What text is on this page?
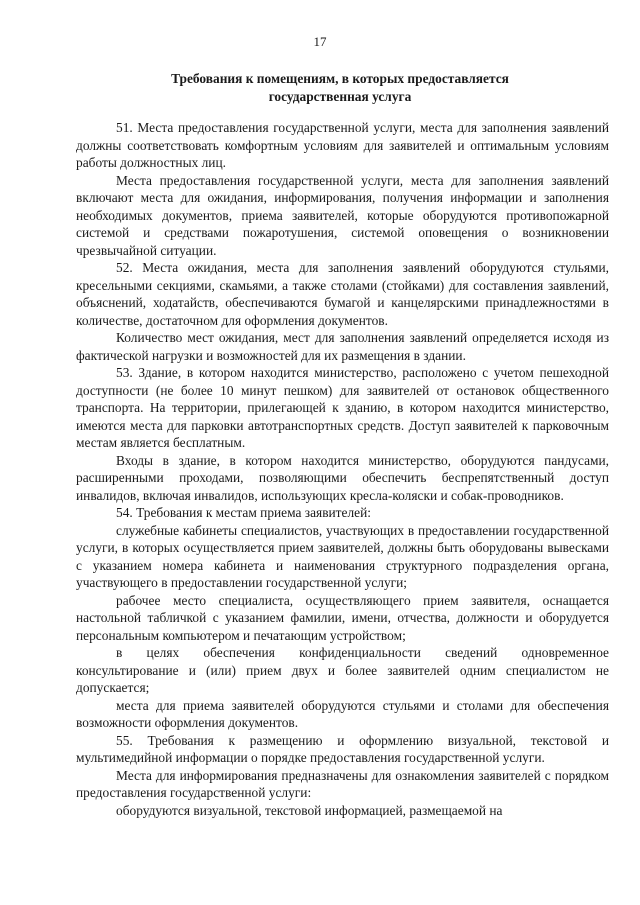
17
Требования к помещениям, в которых предоставляется
государственная услуга

51. Места предоставления государственной услуги, места для заполнения заявлений должны соответствовать комфортным условиям для заявителей и оптимальным условиям работы должностных лиц.

Места предоставления государственной услуги, места для заполнения заявлений включают места для ожидания, информирования, получения информации и заполнения необходимых документов, приема заявителей, которые оборудуются противопожарной системой и средствами пожаротушения, системой оповещения о возникновении чрезвычайной ситуации.

52. Места ожидания, места для заполнения заявлений оборудуются стульями, кресельными секциями, скамьями, а также столами (стойками) для составления заявлений, объяснений, ходатайств, обеспечиваются бумагой и канцелярскими принадлежностями в количестве, достаточном для оформления документов.

Количество мест ожидания, мест для заполнения заявлений определяется исходя из фактической нагрузки и возможностей для их размещения в здании.

53. Здание, в котором находится министерство, расположено с учетом пешеходной доступности (не более 10 минут пешком) для заявителей от остановок общественного транспорта. На территории, прилегающей к зданию, в котором находится министерство, имеются места для парковки автотранспортных средств. Доступ заявителей к парковочным местам является бесплатным.

Входы в здание, в котором находится министерство, оборудуются пандусами, расширенными проходами, позволяющими обеспечить беспрепятственный доступ инвалидов, включая инвалидов, использующих кресла-коляски и собак-проводников.

54. Требования к местам приема заявителей:

служебные кабинеты специалистов, участвующих в предоставлении государственной услуги, в которых осуществляется прием заявителей, должны быть оборудованы вывесками с указанием номера кабинета и наименования структурного подразделения органа, участвующего в предоставлении государственной услуги;

рабочее место специалиста, осуществляющего прием заявителя, оснащается настольной табличкой с указанием фамилии, имени, отчества, должности и оборудуется персональным компьютером и печатающим устройством;

в целях обеспечения конфиденциальности сведений одновременное консультирование и (или) прием двух и более заявителей одним специалистом не допускается;

места для приема заявителей оборудуются стульями и столами для обеспечения возможности оформления документов.

55. Требования к размещению и оформлению визуальной, текстовой и мультимедийной информации о порядке предоставления государственной услуги.

Места для информирования предназначены для ознакомления заявителей с порядком предоставления государственной услуги:

оборудуются визуальной, текстовой информацией, размещаемой на
